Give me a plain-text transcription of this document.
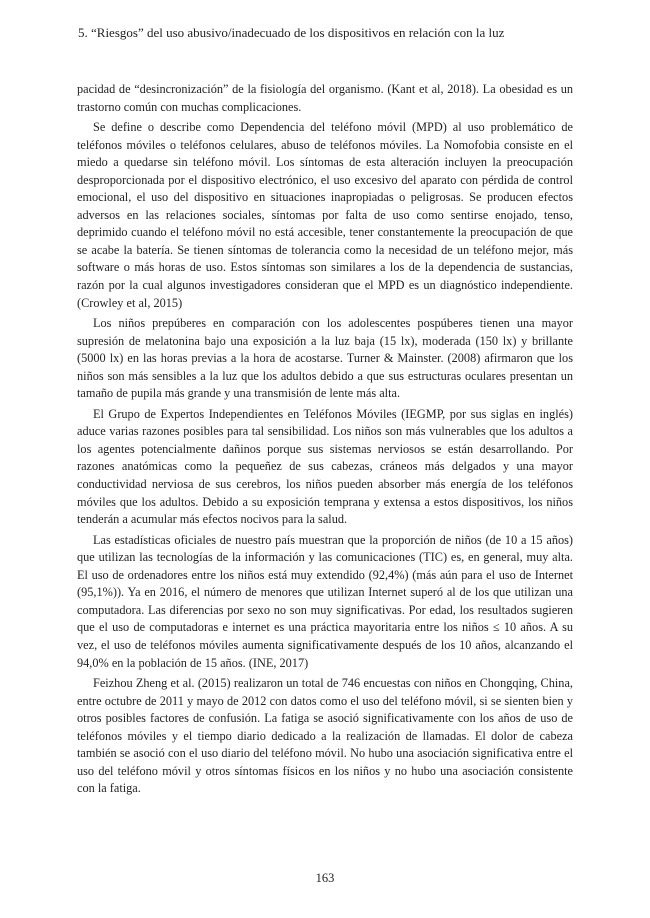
5. “Riesgos” del uso abusivo/inadecuado de los dispositivos en relación con la luz

pacidad de “desincronización” de la fisiología del organismo. (Kant et al, 2018). La obesidad es un trastorno común con muchas complicaciones.

Se define o describe como Dependencia del teléfono móvil (MPD) al uso problemático de teléfonos móviles o teléfonos celulares, abuso de teléfonos móviles. La Nomofobia consiste en el miedo a quedarse sin teléfono móvil. Los síntomas de esta alteración incluyen la preocupación desproporcionada por el dispositivo electrónico, el uso excesivo del aparato con pérdida de control emocional, el uso del dispositivo en situaciones inapropiadas o peligrosas. Se producen efectos adversos en las relaciones sociales, síntomas por falta de uso como sentirse enojado, tenso, deprimido cuando el teléfono móvil no está accesible, tener constantemente la preocupación de que se acabe la batería. Se tienen síntomas de tolerancia como la necesidad de un teléfono mejor, más software o más horas de uso. Estos síntomas son similares a los de la dependencia de sustancias, razón por la cual algunos investigadores consideran que el MPD es un diagnóstico independiente. (Crowley et al, 2015)

Los niños prepúberes en comparación con los adolescentes pospúberes tienen una mayor supresión de melatonina bajo una exposición a la luz baja (15 lx), moderada (150 lx) y brillante (5000 lx) en las horas previas a la hora de acostarse. Turner & Mainster. (2008) afirmaron que los niños son más sensibles a la luz que los adultos debido a que sus estructuras oculares presentan un tamaño de pupila más grande y una transmisión de lente más alta.

El Grupo de Expertos Independientes en Teléfonos Móviles (IEGMP, por sus siglas en inglés) aduce varias razones posibles para tal sensibilidad. Los niños son más vulnerables que los adultos a los agentes potencialmente dañinos porque sus sistemas nerviosos se están desarrollando. Por razones anatómicas como la pequeñez de sus cabezas, cráneos más delgados y una mayor conductividad nerviosa de sus cerebros, los niños pueden absorber más energía de los teléfonos móviles que los adultos. Debido a su exposición temprana y extensa a estos dispositivos, los niños tenderán a acumular más efectos nocivos para la salud.

Las estadísticas oficiales de nuestro país muestran que la proporción de niños (de 10 a 15 años) que utilizan las tecnologías de la información y las comunicaciones (TIC) es, en general, muy alta. El uso de ordenadores entre los niños está muy extendido (92,4%) (más aún para el uso de Internet (95,1%)). Ya en 2016, el número de menores que utilizan Internet superó al de los que utilizan una computadora. Las diferencias por sexo no son muy significativas. Por edad, los resultados sugieren que el uso de computadoras e internet es una práctica mayoritaria entre los niños ≤ 10 años. A su vez, el uso de teléfonos móviles aumenta significativamente después de los 10 años, alcanzando el 94,0% en la población de 15 años. (INE, 2017)

Feizhou Zheng et al. (2015) realizaron un total de 746 encuestas con niños en Chongqing, China, entre octubre de 2011 y mayo de 2012 con datos como el uso del teléfono móvil, si se sienten bien y otros posibles factores de confusión. La fatiga se asoció significativamente con los años de uso de teléfonos móviles y el tiempo diario dedicado a la realización de llamadas. El dolor de cabeza también se asoció con el uso diario del teléfono móvil. No hubo una asociación significativa entre el uso del teléfono móvil y otros síntomas físicos en los niños y no hubo una asociación consistente con la fatiga.

163
